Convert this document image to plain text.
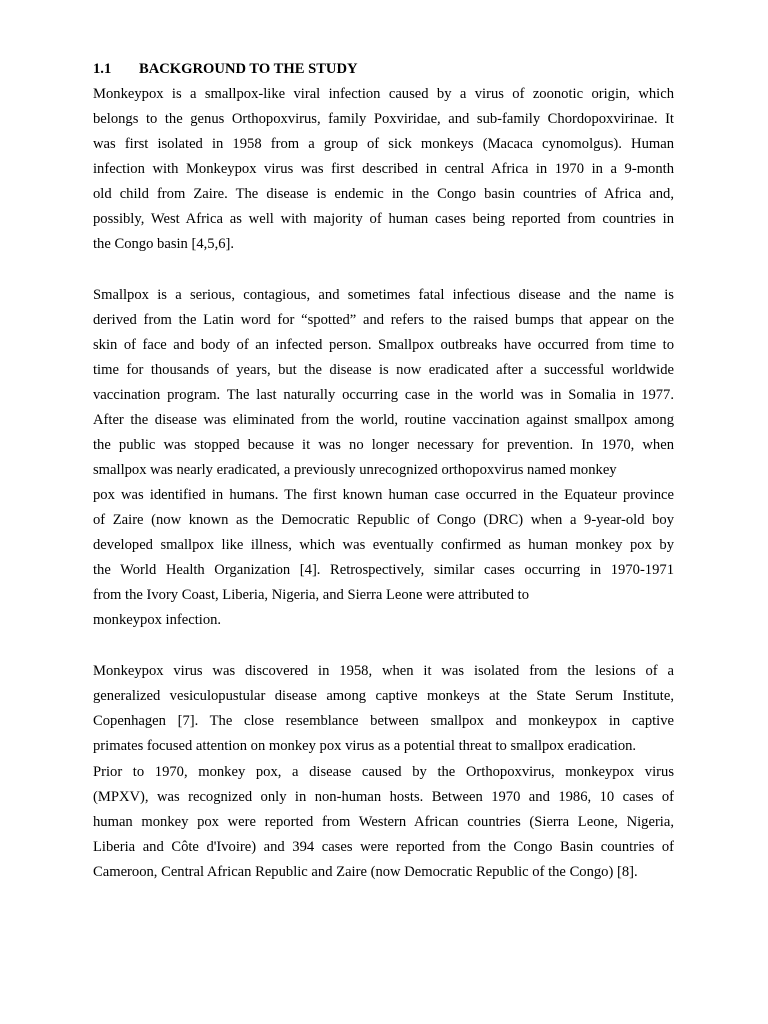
1.1 BACKGROUND TO THE STUDY
Monkeypox is a smallpox-like viral infection caused by a virus of zoonotic origin, which
belongs to the genus Orthopoxvirus, family Poxviridae, and sub-family Chordopoxvirinae. It
was first isolated in 1958 from a group of sick monkeys (Macaca cynomolgus). Human
infection with Monkeypox virus was first described in central Africa in 1970 in a 9-month
old child from Zaire. The disease is endemic in the Congo basin countries of Africa and,
possibly, West Africa as well with majority of human cases being reported from countries in
the Congo basin [4,5,6].
Smallpox is a serious, contagious, and sometimes fatal infectious disease and the name is
derived from the Latin word for “spotted” and refers to the raised bumps that appear on the
skin of face and body of an infected person. Smallpox outbreaks have occurred from time to
time for thousands of years, but the disease is now eradicated after a successful worldwide
vaccination program. The last naturally occurring case in the world was in Somalia in 1977.
After the disease was eliminated from the world, routine vaccination against smallpox among
the public was stopped because it was no longer necessary for prevention. In 1970, when
smallpox was nearly eradicated, a previously unrecognized orthopoxvirus named monkey
pox was identified in humans. The first known human case occurred in the Equateur province
of Zaire (now known as the Democratic Republic of Congo (DRC) when a 9-year-old boy
developed smallpox like illness, which was eventually confirmed as human monkey pox by
the World Health Organization [4]. Retrospectively, similar cases occurring in 1970-1971
from the Ivory Coast, Liberia, Nigeria, and Sierra Leone were attributed to
monkeypox infection.
Monkeypox virus was discovered in 1958, when it was isolated from the lesions of a
generalized vesiculopustular disease among captive monkeys at the State Serum Institute,
Copenhagen [7]. The close resemblance between smallpox and monkeypox in captive
primates focused attention on monkey pox virus as a potential threat to smallpox eradication.
Prior to 1970, monkey pox, a disease caused by the Orthopoxvirus, monkeypox virus
(MPXV), was recognized only in non-human hosts. Between 1970 and 1986, 10 cases of
human monkey pox were reported from Western African countries (Sierra Leone, Nigeria,
Liberia and Côte d'Ivoire) and 394 cases were reported from the Congo Basin countries of
Cameroon, Central African Republic and Zaire (now Democratic Republic of the Congo) [8].
